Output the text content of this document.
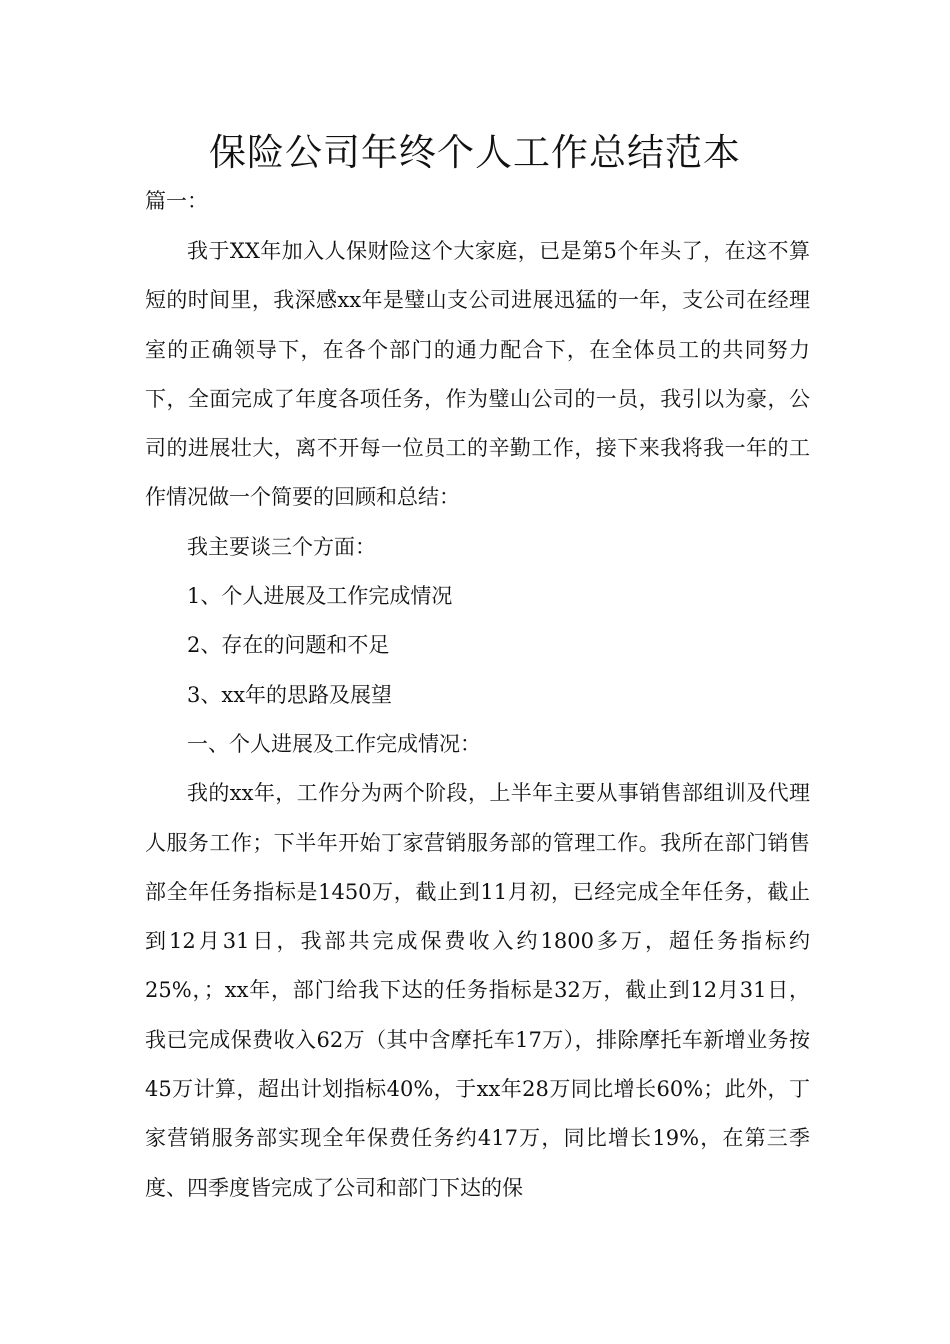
保险公司年终个人工作总结范本
篇一：

我于XX年加入人保财险这个大家庭，已是第5个年头了，在这不算短的时间里，我深感xx年是璧山支公司进展迅猛的一年，支公司在经理室的正确领导下，在各个部门的通力配合下，在全体员工的共同努力下，全面完成了年度各项任务，作为璧山公司的一员，我引以为豪，公司的进展壮大，离不开每一位员工的辛勤工作，接下来我将我一年的工作情况做一个简要的回顾和总结：

我主要谈三个方面：

1、个人进展及工作完成情况

2、存在的问题和不足

3、xx年的思路及展望

一、个人进展及工作完成情况：

我的xx年，工作分为两个阶段，上半年主要从事销售部组训及代理人服务工作；下半年开始丁家营销服务部的管理工作。我所在部门销售部全年任务指标是1450万，截止到11月初，已经完成全年任务，截止到12月31日，我部共完成保费收入约1800多万，超任务指标约25%，；xx年，部门给我下达的任务指标是32万，截止到12月31日，我已完成保费收入62万（其中含摩托车17万），排除摩托车新增业务按45万计算，超出计划指标40%，于xx年28万同比增长60%；此外，丁家营销服务部实现全年保费任务约417万，同比增长19%，在第三季度、四季度皆完成了公司和部门下达的保
